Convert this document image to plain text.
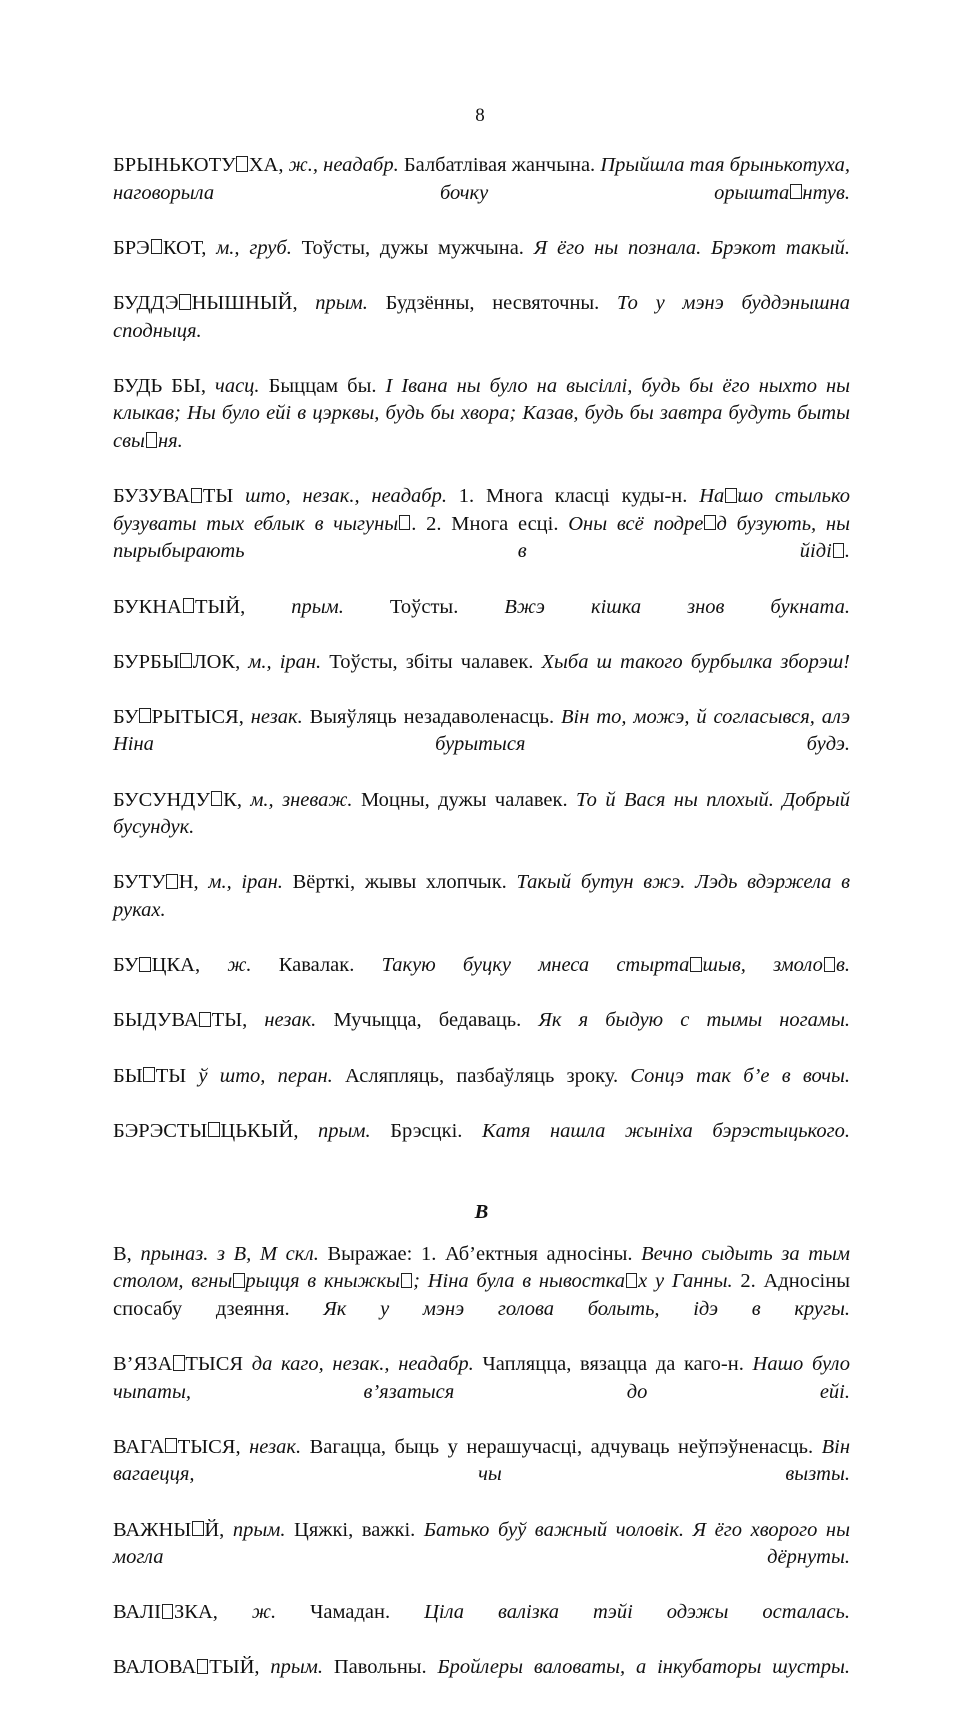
8
БРЫНЬКОТУ ХА, ж., неадабр. Балбатлівая жанчына. Прыйшла тая брынькотуха, наговорыла бочку орышта нтув.
БРЭ КОТ, м., груб. Тоўсты, дужы мужчына. Я ёго ны познала. Брэкот такый.
БУДДЭ НЫШНЫЙ, прым. Будзённы, несвяточны. То у мэнэ буддэнышна сподныця.
БУДЬ БЫ, часц. Быццам бы. І Івана ны було на высіллі, будь бы ёго ныхто ны клыкав; Ны було ейі в цэрквы, будь бы хвора; Казав, будь бы завтра будуть быты свы ня.
БУЗУВА ТЫ што, незак., неадабр. 1. Многа класці куды-н. На шо стылько бузуваты тых еблык в чыгуны . 2. Многа есці. Оны всё подре д бузують, ны пырыбырають в йіді .
БУКНА ТЫЙ, прым. Тоўсты. Вжэ кішка знов букната.
БУРБЫ ЛОК, м., іран. Тоўсты, збіты чалавек. Хыба ш такого бурбылка зборэш!
БУ РЫТЫСЯ, незак. Выяўляць незадаволенасць. Він то, можэ, й согласывся, алэ Ніна бурытыся будэ.
БУСУНДУ К, м., зневаж. Моцны, дужы чалавек. То й Вася ны плохый. Добрый бусундук.
БУТУ Н, м., іран. Вёрткі, жывы хлопчык. Такый бутун вжэ. Лэдь вдэржела в руках.
БУ ЦКА, ж. Кавалак. Такую буцку мнеса стырта шыв, змоло в.
БЫДУВА ТЫ, незак. Мучыцца, бедаваць. Як я быдую с тымы ногамы.
БЫ ТЫ ў што, перан. Асляпляць, пазбаўляць зроку. Сонцэ так б’е в вочы.
БЭРЭСТЫ ЦЬКЫЙ, прым. Брэсцкі. Катя нашла жыніха бэрэстыцького.
В
В, прыназ. з В, М скл. Выражае: 1. Аб’ектныя адносіны. Вечно сыдыть за тым столом, вгны рыцця в кныжкы ; Ніна була в нывостка х у Ганны. 2. Адносіны спосабу дзеяння. Як у мэнэ голова болыть, ідэ в кругы.
В’ЯЗА ТЫСЯ да каго, незак., неадабр. Чапляцца, вязацца да каго-н. Нашо було чыпаты, в’язатыся до ейі.
ВАГА ТЫСЯ, незак. Вагацца, быць у нерашучасці, адчуваць неўпэўненасць. Він вагаецця, чы вызты.
ВАЖНЫ Й, прым. Цяжкі, важкі. Батько буў важный чоловік. Я ёго хворого ны могла дёрнуты.
ВАЛІ ЗКА, ж. Чамадан. Ціла валізка тэйі одэжы осталась.
ВАЛОВА ТЫЙ, прым. Павольны. Бройлеры валоваты, а інкубаторы шустры.
